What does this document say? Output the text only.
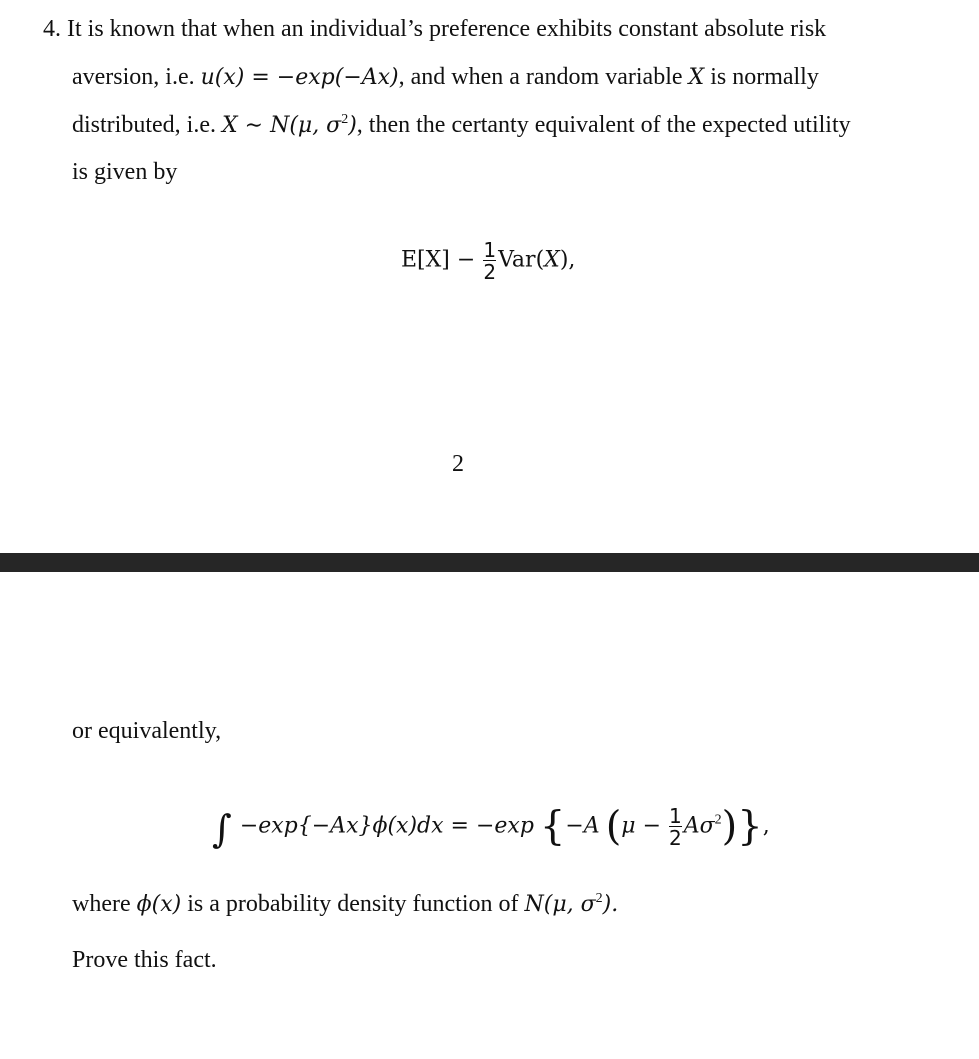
4. It is known that when an individual’s preference exhibits constant absolute risk
aversion, i.e. u(x) = −exp(−Ax), and when a random variable X is normally
distributed, i.e. X ∼ N(μ, $\sigma^2$), then the certanty equivalent of the expected utility
is given by
$E[X] - \frac{1}{2} Var(X)$,
2
or equivalently,
∫ −exp{−Ax}ϕ(x)dx = −exp {−A $(\mu - \frac{1}{2} A\sigma^2)$},
where ϕ(x) is a probability density function of N(μ, $\sigma^2$).
Prove this fact.
